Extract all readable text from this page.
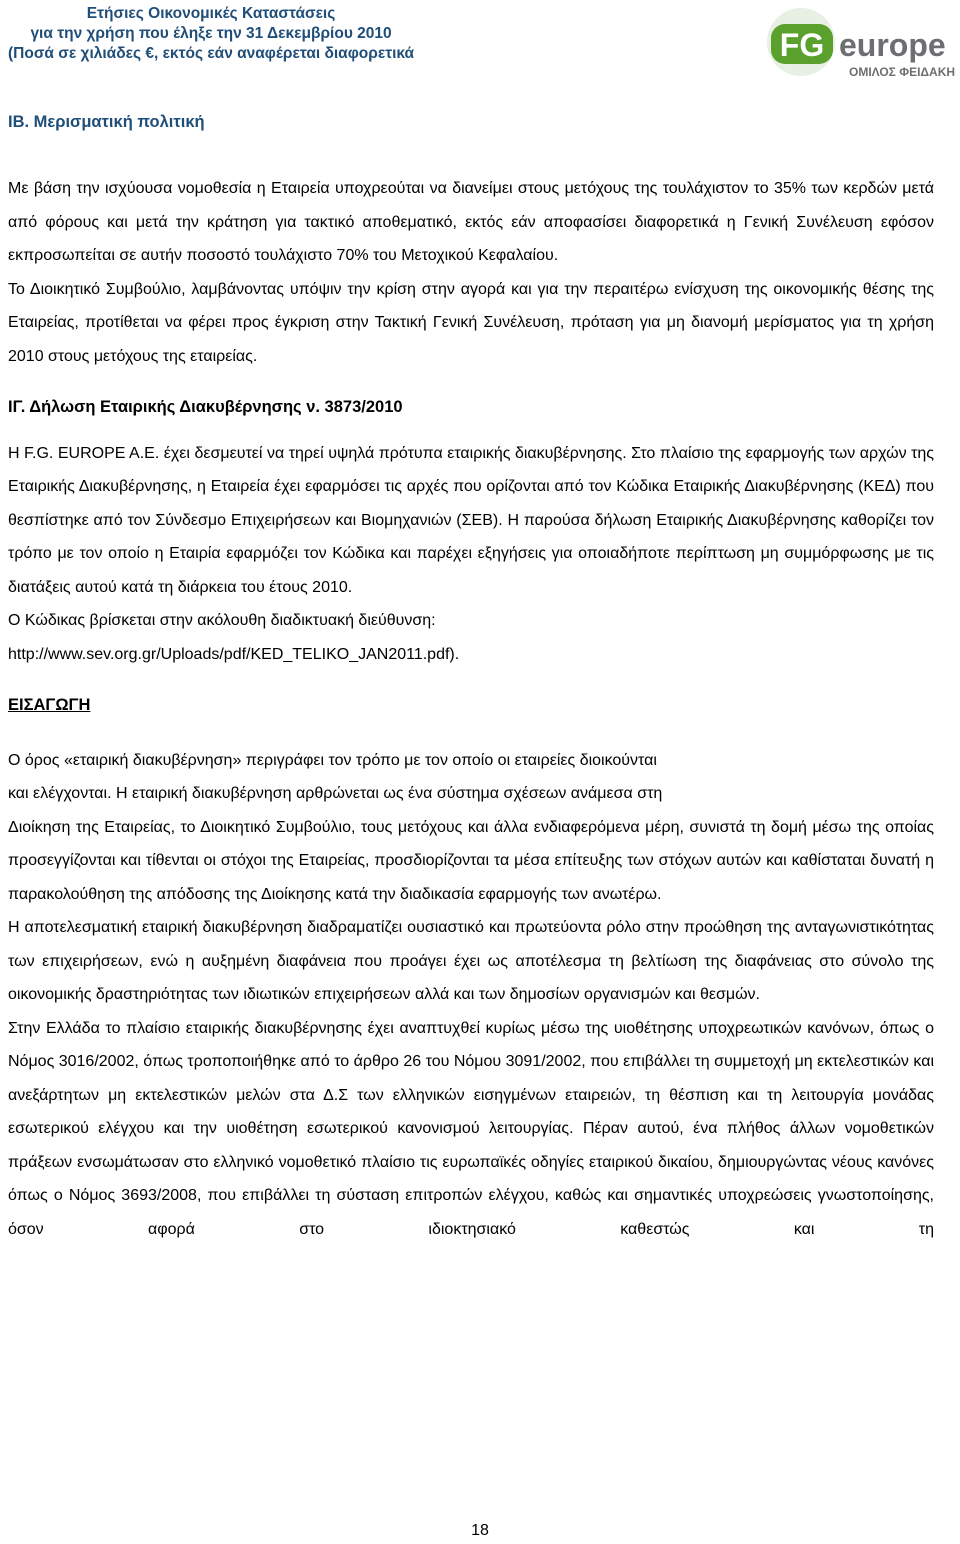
Ετήσιες Οικονομικές Καταστάσεις
για την χρήση που έληξε την 31 Δεκεμβρίου 2010
(Ποσά σε χιλιάδες €, εκτός εάν αναφέρεται διαφορετικά	FG europe
ΟΜΙΛΟΣ ΦΕΙΔΑΚΗ
ΙΒ. Μερισματική πολιτική

Με βάση την ισχύουσα νομοθεσία η Εταιρεία υποχρεούται να διανείμει στους μετόχους της τουλάχιστον το 35% των κερδών μετά από φόρους και μετά την κράτηση για τακτικό αποθεματικό, εκτός εάν αποφασίσει διαφορετικά η Γενική Συνέλευση εφόσον εκπροσωπείται σε αυτήν ποσοστό τουλάχιστο 70% του Μετοχικού Κεφαλαίου.

Το Διοικητικό Συμβούλιο, λαμβάνοντας υπόψιν την κρίση στην αγορά και για την περαιτέρω ενίσχυση της οικονομικής θέσης της Εταιρείας, προτίθεται να φέρει προς έγκριση στην Τακτική Γενική Συνέλευση, πρόταση για μη διανομή μερίσματος για τη χρήση 2010 στους μετόχους της εταιρείας.

ΙΓ. Δήλωση Εταιρικής Διακυβέρνησης ν. 3873/2010

Η F.G. EUROPE A.E. έχει δεσμευτεί να τηρεί υψηλά πρότυπα εταιρικής διακυβέρνησης. Στο πλαίσιο της εφαρμογής των αρχών της Εταιρικής Διακυβέρνησης, η Εταιρεία έχει εφαρμόσει τις αρχές που ορίζονται από τον Κώδικα Εταιρικής Διακυβέρνησης (ΚΕΔ) που θεσπίστηκε από τον Σύνδεσμο Επιχειρήσεων και Βιομηχανιών (ΣΕΒ). Η παρούσα δήλωση Εταιρικής Διακυβέρνησης καθορίζει τον τρόπο με τον οποίο η Εταιρία εφαρμόζει τον Κώδικα και παρέχει εξηγήσεις για οποιαδήποτε περίπτωση μη συμμόρφωσης με τις διατάξεις αυτού κατά τη διάρκεια του έτους 2010.

Ο Κώδικας βρίσκεται στην ακόλουθη διαδικτυακή διεύθυνση:

http://www.sev.org.gr/Uploads/pdf/KED_TELIKO_JAN2011.pdf).

ΕΙΣΑΓΩΓΗ

Ο όρος «εταιρική διακυβέρνηση» περιγράφει τον τρόπο με τον οποίο οι εταιρείες διοικούνται

και ελέγχονται. Η εταιρική διακυβέρνηση αρθρώνεται ως ένα σύστημα σχέσεων ανάμεσα στη

Διοίκηση της Εταιρείας, το Διοικητικό Συμβούλιο, τους μετόχους και άλλα ενδιαφερόμενα μέρη, συνιστά τη δομή μέσω της οποίας προσεγγίζονται και τίθενται οι στόχοι της Εταιρείας, προσδιορίζονται τα μέσα επίτευξης των στόχων αυτών και καθίσταται δυνατή η παρακολούθηση της απόδοσης της Διοίκησης κατά την διαδικασία εφαρμογής των ανωτέρω.

Η αποτελεσματική εταιρική διακυβέρνηση διαδραματίζει ουσιαστικό και πρωτεύοντα ρόλο στην προώθηση της ανταγωνιστικότητας των επιχειρήσεων, ενώ η αυξημένη διαφάνεια που προάγει έχει ως αποτέλεσμα τη βελτίωση της διαφάνειας στο σύνολο της οικονομικής δραστηριότητας των ιδιωτικών επιχειρήσεων αλλά και των δημοσίων οργανισμών και θεσμών.

Στην Ελλάδα το πλαίσιο εταιρικής διακυβέρνησης έχει αναπτυχθεί κυρίως μέσω της υιοθέτησης υποχρεωτικών κανόνων, όπως ο Νόμος 3016/2002, όπως τροποποιήθηκε από το άρθρο 26 του Νόμου 3091/2002, που επιβάλλει τη συμμετοχή μη εκτελεστικών και ανεξάρτητων μη εκτελεστικών μελών στα Δ.Σ των ελληνικών εισηγμένων εταιρειών, τη θέσπιση και τη λειτουργία μονάδας εσωτερικού ελέγχου και την υιοθέτηση εσωτερικού κανονισμού λειτουργίας. Πέραν αυτού, ένα πλήθος άλλων νομοθετικών πράξεων ενσωμάτωσαν στο ελληνικό νομοθετικό πλαίσιο τις ευρωπαϊκές οδηγίες εταιρικού δικαίου, δημιουργώντας νέους κανόνες όπως ο Νόμος 3693/2008, που επιβάλλει τη σύσταση επιτροπών ελέγχου, καθώς και σημαντικές υποχρεώσεις γνωστοποίησης, όσον αφορά στο ιδιοκτησιακό καθεστώς και τη

18
